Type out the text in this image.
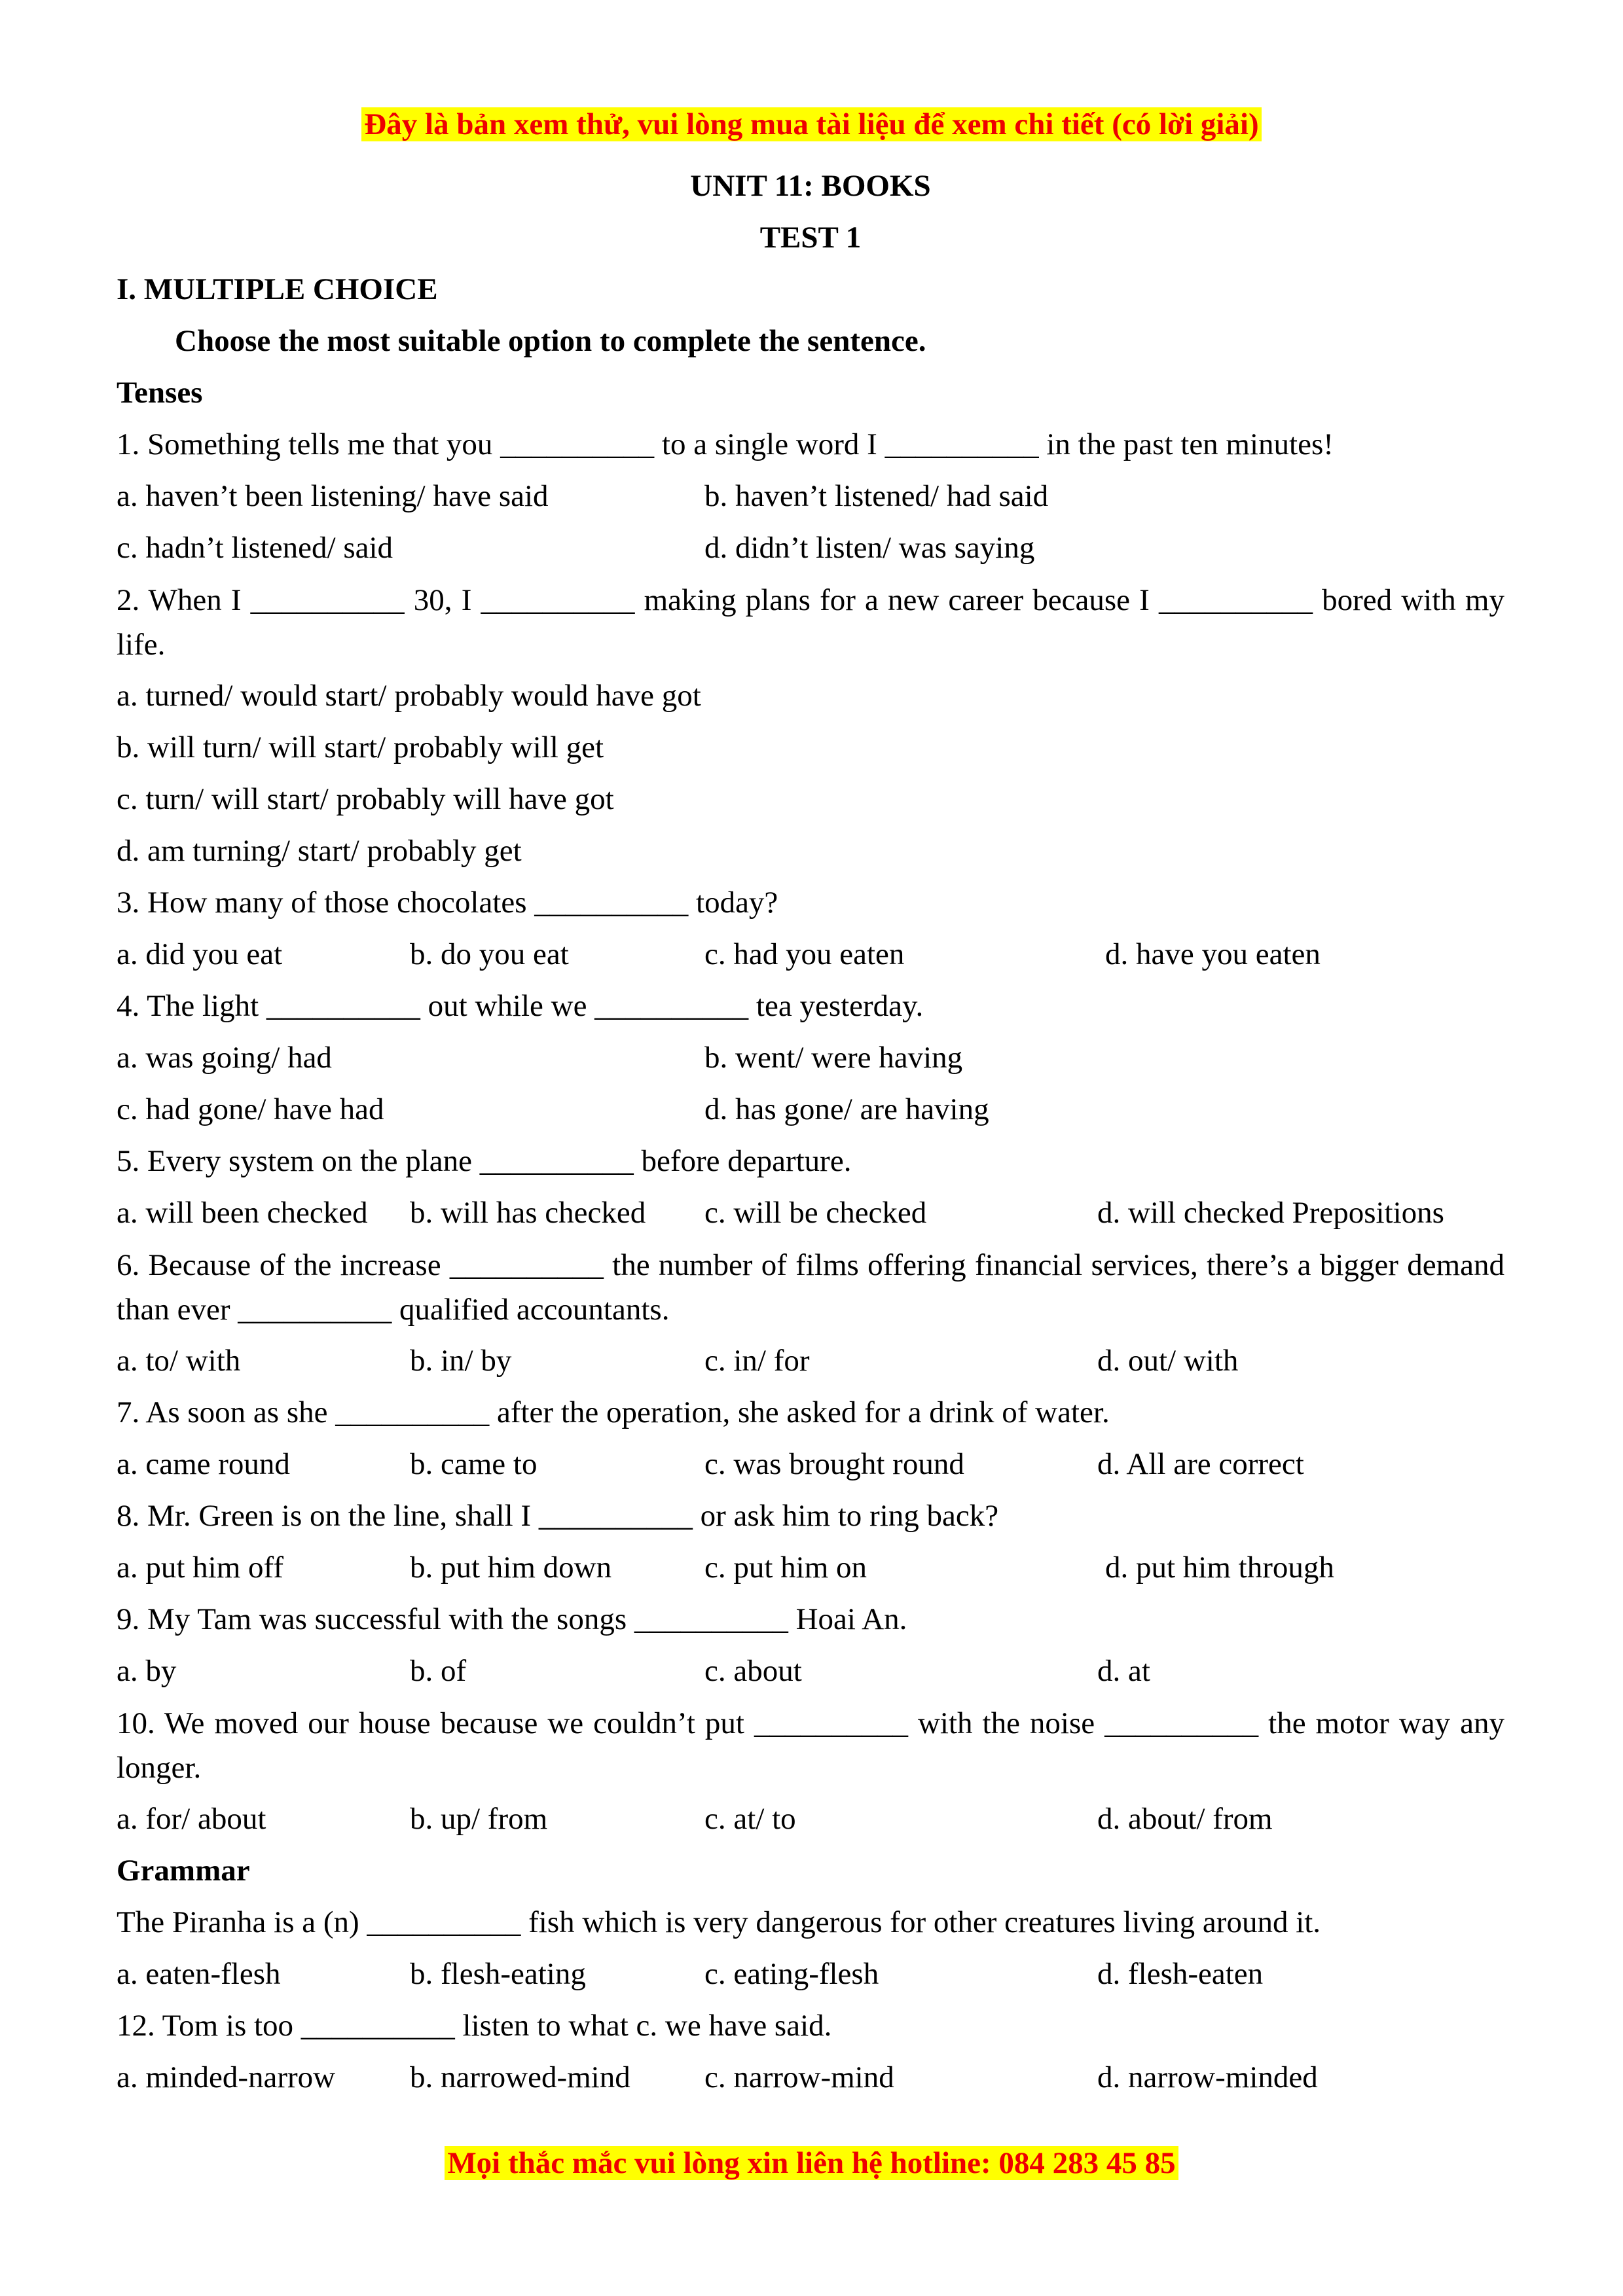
Đây là bản xem thử, vui lòng mua tài liệu để xem chi tiết (có lời giải)
UNIT 11: BOOKS
TEST 1
I. MULTIPLE CHOICE
Choose the most suitable option to complete the sentence.
Tenses
1. Something tells me that you __________ to a single word I __________ in the past ten minutes!
a. haven’t been listening/ have said	b. haven’t listened/ had said
c. hadn’t listened/ said	d. didn’t listen/ was saying
2. When I __________ 30, I __________ making plans for a new career because I __________ bored with my life.
a. turned/ would start/ probably would have got
b. will turn/ will start/ probably will get
c. turn/ will start/ probably will have got
d. am turning/ start/ probably get
3. How many of those chocolates __________ today?
a. did you eat	b. do you eat	c. had you eaten	d. have you eaten
4. The light __________ out while we __________ tea yesterday.
a. was going/ had	b. went/ were having
c. had gone/ have had	d. has gone/ are having
5. Every system on the plane __________ before departure.
a. will been checked b. will has checked c. will be checked	d. will checked Prepositions
6. Because of the increase __________ the number of films offering financial services, there’s a bigger demand than ever __________ qualified accountants.
a. to/ with	b. in/ by	c. in/ for	d. out/ with
7. As soon as she __________ after the operation, she asked for a drink of water.
a. came round	b. came to	c. was brought round	d. All are correct
8. Mr. Green is on the line, shall I __________ or ask him to ring back?
a. put him off	b. put him down	c. put him on	d. put him through
9. My Tam was successful with the songs __________ Hoai An.
a. by	b. of	c. about	d. at
10. We moved our house because we couldn’t put __________ with the noise __________ the motor way any longer.
a. for/ about	b. up/ from	c. at/ to	d. about/ from
Grammar
The Piranha is a (n) __________ fish which is very dangerous for other creatures living around it.
a. eaten-flesh	b. flesh-eating	c. eating-flesh	d. flesh-eaten
12. Tom is too __________ listen to what c. we have said.
a. minded-narrow b. narrowed-mind c. narrow-mind	d. narrow-minded
Mọi thắc mắc vui lòng xin liên hệ hotline: 084 283 45 85
